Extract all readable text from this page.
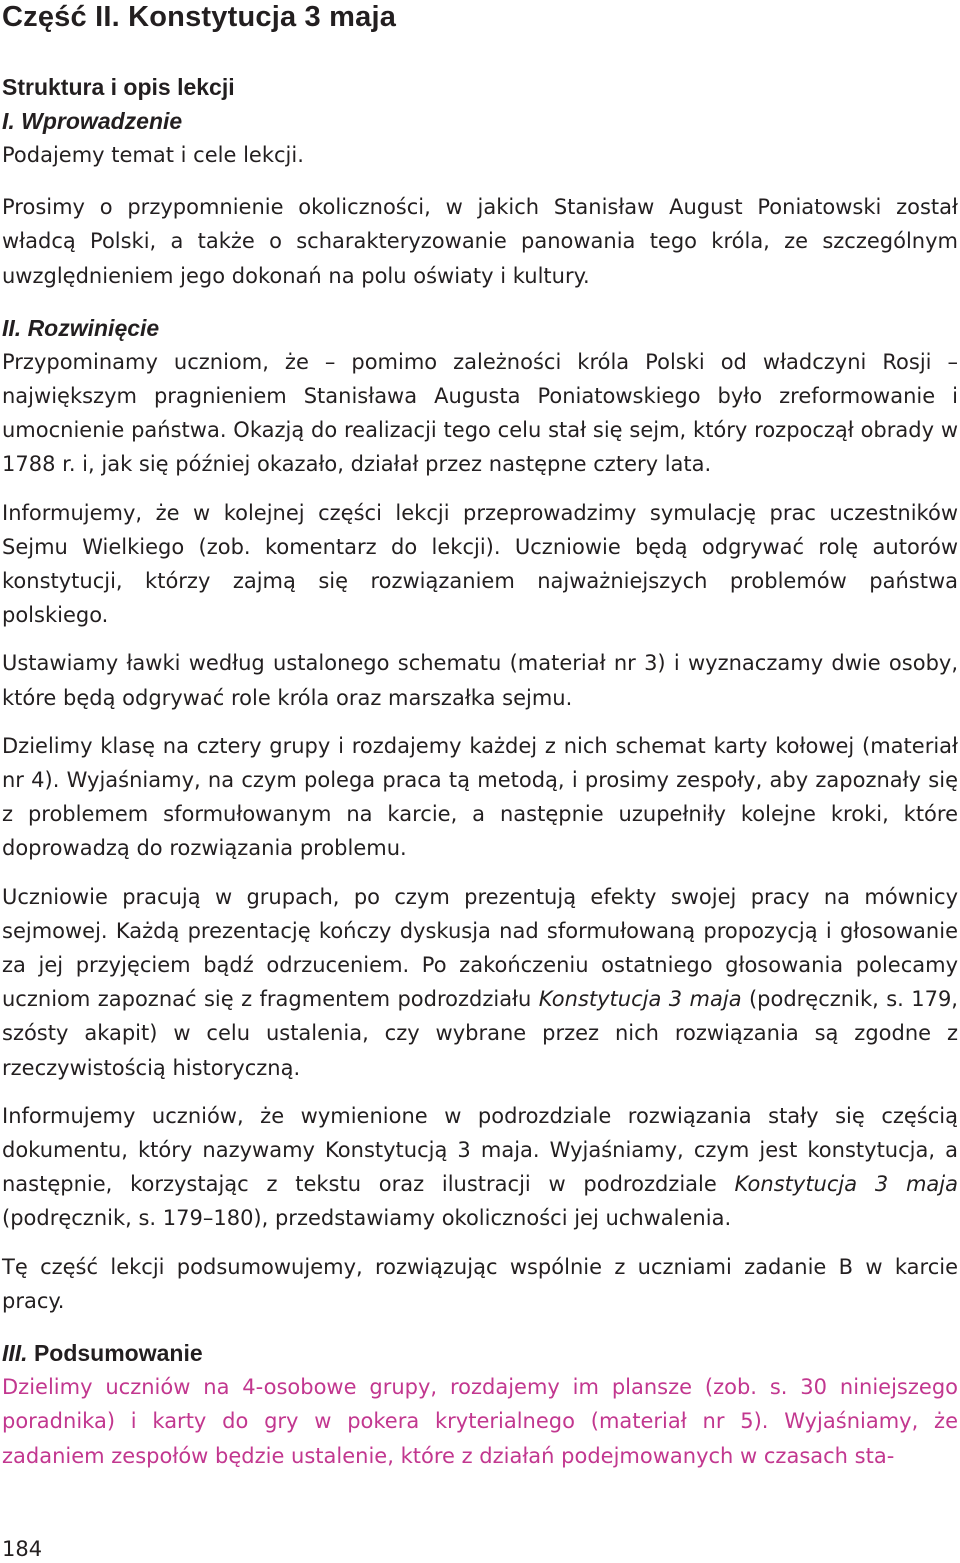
Część II. Konstytucja 3 maja
Struktura i opis lekcji
I. Wprowadzenie

Podajemy temat i cele lekcji.

Prosimy o przypomnienie okoliczności, w jakich Stanisław August Poniatowski został władcą Polski, a także o scharakteryzowanie panowania tego króla, ze szczególnym uwzględnieniem jego dokonań na polu oświaty i kultury.

II. Rozwinięcie

Przypominamy uczniom, że – pomimo zależności króla Polski od władczyni Rosji – największym pragnieniem Stanisława Augusta Poniatowskiego było zreformowanie i umocnienie państwa. Okazją do realizacji tego celu stał się sejm, który rozpoczął obrady w 1788 r. i, jak się później okazało, działał przez następne cztery lata.

Informujemy, że w kolejnej części lekcji przeprowadzimy symulację prac uczestników Sejmu Wielkiego (zob. komentarz do lekcji). Uczniowie będą odgrywać rolę autorów konstytucji, którzy zajmą się rozwiązaniem najważniejszych problemów państwa polskiego.

Ustawiamy ławki według ustalonego schematu (materiał nr 3) i wyznaczamy dwie osoby, które będą odgrywać role króla oraz marszałka sejmu.

Dzielimy klasę na cztery grupy i rozdajemy każdej z nich schemat karty kołowej (materiał nr 4). Wyjaśniamy, na czym polega praca tą metodą, i prosimy zespoły, aby zapoznały się z problemem sformułowanym na karcie, a następnie uzupełniły kolejne kroki, które doprowadzą do rozwiązania problemu.

Uczniowie pracują w grupach, po czym prezentują efekty swojej pracy na mównicy sejmowej. Każdą prezentację kończy dyskusja nad sformułowaną propozycją i głosowanie za jej przyjęciem bądź odrzuceniem. Po zakończeniu ostatniego głosowania polecamy uczniom zapoznać się z fragmentem podrozdziału Konstytucja 3 maja (podręcznik, s. 179, szósty akapit) w celu ustalenia, czy wybrane przez nich rozwiązania są zgodne z rzeczywistością historyczną.

Informujemy uczniów, że wymienione w podrozdziale rozwiązania stały się częścią dokumentu, który nazywamy Konstytucją 3 maja. Wyjaśniamy, czym jest konstytucja, a następnie, korzystając z tekstu oraz ilustracji w podrozdziale Konstytucja 3 maja (podręcznik, s. 179–180), przedstawiamy okoliczności jej uchwalenia.

Tę część lekcji podsumowujemy, rozwiązując wspólnie z uczniami zadanie B w karcie pracy.

III. Podsumowanie

Dzielimy uczniów na 4-osobowe grupy, rozdajemy im plansze (zob. s. 30 niniejszego poradnika) i karty do gry w pokera kryterialnego (materiał nr 5). Wyjaśniamy, że zadaniem zespołów będzie ustalenie, które z działań podejmowanych w czasach sta-

184
